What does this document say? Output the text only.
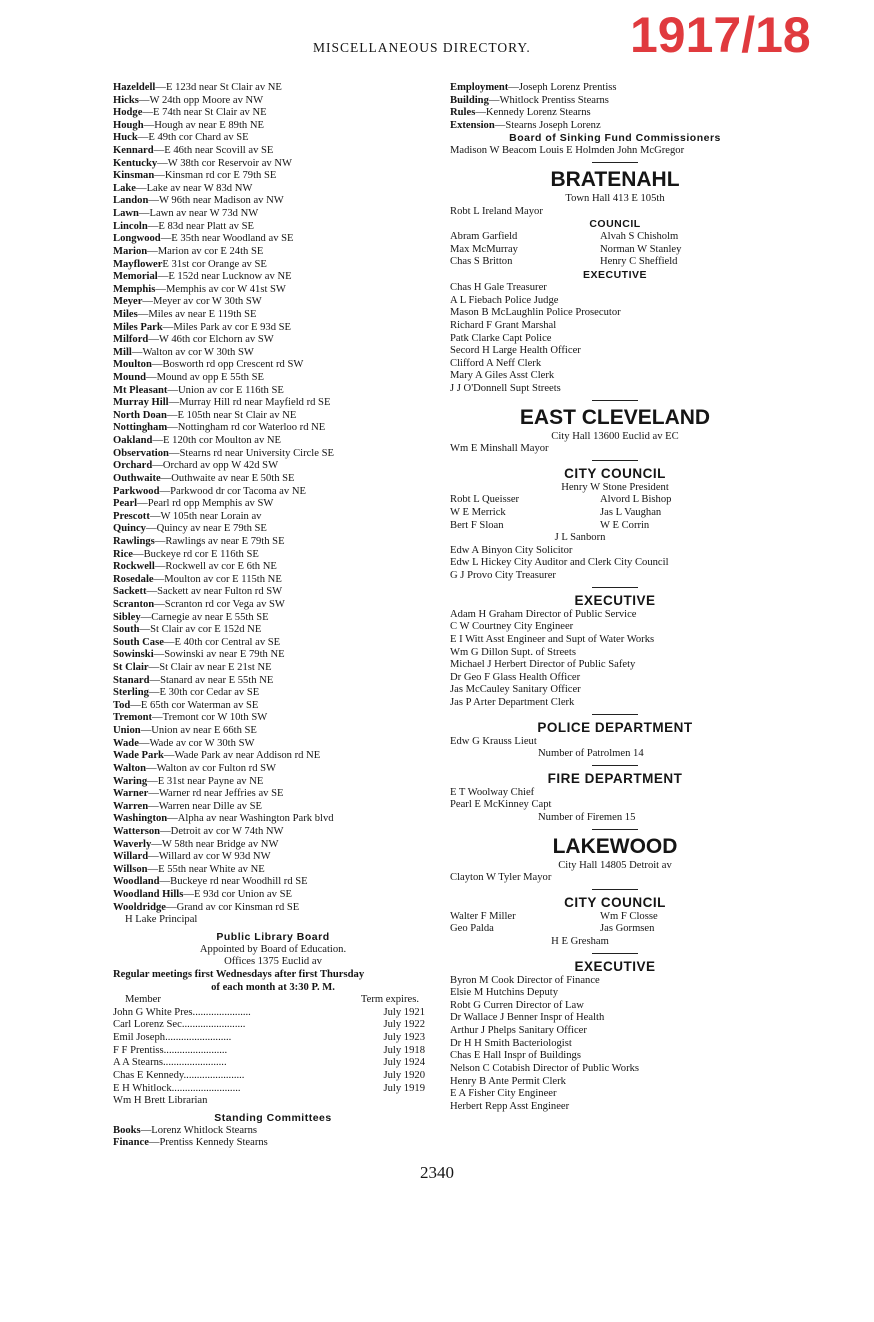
MISCELLANEOUS DIRECTORY. 1917/18
Hazeldell—E 123d near St Clair av NE
Hicks—W 24th opp Moore av NW
Hodge—E 74th near St Clair av NE
Hough—Hough av near E 89th NE
Huck—E 49th cor Chard av SE
Kennard—E 46th near Scovill av SE
Kentucky—W 38th cor Reservoir av NW
Kinsman—Kinsman rd cor E 79th SE
Lake—Lake av near W 83d NW
Landon—W 96th near Madison av NW
Lawn—Lawn av near W 73d NW
Lincoln—E 83d near Platt av SE
Longwood—E 35th near Woodland av SE
Marion—Marion av cor E 24th SE
MayflowerE 31st cor Orange av SE
Memorial—E 152d near Lucknow av NE
Memphis—Memphis av cor W 41st SW
Meyer—Meyer av cor W 30th SW
Miles—Miles av near E 119th SE
Miles Park—Miles Park av cor E 93d SE
Milford—W 46th cor Elchorn av SW
Mill—Walton av cor W 30th SW
Moulton—Bosworth rd opp Crescent rd SW
Mound—Mound av opp E 55th SE
Mt Pleasant—Union av cor E 116th SE
Murray Hill—Murray Hill rd near Mayfield rd SE
North Doan—E 105th near St Clair av NE
Nottingham—Nottingham rd cor Waterloo rd NE
Oakland—E 120th cor Moulton av NE
Observation—Stearns rd near University Circle SE
Orchard—Orchard av opp W 42d SW
Outhwaite—Outhwaite av near E 50th SE
Parkwood—Parkwood dr cor Tacoma av NE
Pearl—Pearl rd opp Memphis av SW
Prescott—W 105th near Lorain av
Quincy—Quincy av near E 79th SE
Rawlings—Rawlings av near E 79th SE
Rice—Buckeye rd cor E 116th SE
Rockwell—Rockwell av cor E 6th NE
Rosedale—Moulton av cor E 115th NE
Sackett—Sackett av near Fulton rd SW
Scranton—Scranton rd cor Vega av SW
Sibley—Carnegie av near E 55th SE
South—St Clair av cor E 152d NE
South Case—E 40th cor Central av SE
Sowinski—Sowinski av near E 79th NE
St Clair—St Clair av near E 21st NE
Stanard—Stanard av near E 55th NE
Sterling—E 30th cor Cedar av SE
Tod—E 65th cor Waterman av SE
Tremont—Tremont cor W 10th SW
Union—Union av near E 66th SE
Wade—Wade av cor W 30th SW
Wade Park—Wade Park av near Addison rd NE
Walton—Walton av cor Fulton rd SW
Waring—E 31st near Payne av NE
Warner—Warner rd near Jeffries av SE
Warren—Warren near Dille av SE
Washington—Alpha av near Washington Park blvd
Watterson—Detroit av cor W 74th NW
Waverly—W 58th near Bridge av NW
Willard—Willard av cor W 93d NW
Willson—E 55th near White av NE
Woodland—Buckeye rd near Woodhill rd SE
Woodland Hills—E 93d cor Union av SE
Wooldridge—Grand av cor Kinsman rd SE
H Lake Principal
Public Library Board
Appointed by Board of Education.
Offices 1375 Euclid av
Regular meetings first Wednesdays after first Thursday
of each month at 3:30 P. M.
Member	Term expires.
John G White Pres......................	July 1921
Carl Lorenz Sec........................	July 1922
Emil Joseph.........................	July 1923
F F Prentiss........................	July 1918
A A Stearns........................	July 1924
Chas E Kennedy.......................	July 1920
E H Whitlock..........................	July 1919
Wm H Brett Librarian
Standing Committees
Books—Lorenz Whitlock Stearns
Finance—Prentiss Kennedy Stearns
Employment—Joseph Lorenz Prentiss
Building—Whitlock Prentiss Stearns
Rules—Kennedy Lorenz Stearns
Extension—Stearns Joseph Lorenz
Board of Sinking Fund Commissioners
Madison W Beacom Louis E Holmden John McGregor
BRATENAHL
Town Hall 413 E 105th
Robt L Ireland Mayor
COUNCIL
Abram Garfield	Alvah S Chisholm
Max McMurray	Norman W Stanley
Chas S Britton	Henry C Sheffield
EXECUTIVE
Chas H Gale Treasurer
A L Fiebach Police Judge
Mason B McLaughlin Police Prosecutor
Richard F Grant Marshal
Patk Clarke Capt Police
Secord H Large Health Officer
Clifford A Neff Clerk
Mary A Giles Asst Clerk
J J O'Donnell Supt Streets
EAST CLEVELAND
City Hall 13600 Euclid av EC
Wm E Minshall Mayor
CITY COUNCIL
Henry W Stone President
Robt L Queisser	Alvord L Bishop
W E Merrick	Jas L Vaughan
Bert F Sloan	W E Corrin
J L Sanborn
Edw A Binyon City Solicitor
Edw L Hickey City Auditor and Clerk City Council
G J Provo City Treasurer
EXECUTIVE
Adam H Graham Director of Public Service
C W Courtney City Engineer
E I Witt Asst Engineer and Supt of Water Works
Wm G Dillon Supt. of Streets
Michael J Herbert Director of Public Safety
Dr Geo F Glass Health Officer
Jas McCauley Sanitary Officer
Jas P Arter Department Clerk
POLICE DEPARTMENT
Edw G Krauss Lieut
Number of Patrolmen 14
FIRE DEPARTMENT
E T Woolway Chief
Pearl E McKinney Capt
Number of Firemen 15
LAKEWOOD
City Hall 14805 Detroit av
Clayton W Tyler Mayor
CITY COUNCIL
Walter F Miller	Wm F Closse
Geo Palda	Jas Gormsen
H E Gresham
EXECUTIVE
Byron M Cook Director of Finance
Elsie M Hutchins Deputy
Robt G Curren Director of Law
Dr Wallace J Benner Inspr of Health
Arthur J Phelps Sanitary Officer
Dr H H Smith Bacteriologist
Chas E Hall Inspr of Buildings
Nelson C Cotabish Director of Public Works
Henry B Ante Permit Clerk
E A Fisher City Engineer
Herbert Repp Asst Engineer
2340
